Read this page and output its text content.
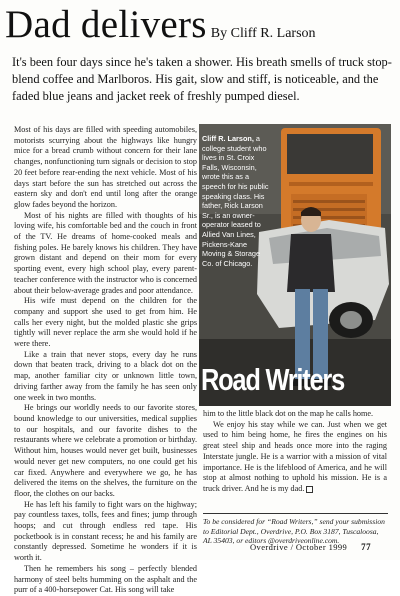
Dad delivers By Cliff R. Larson

It's been four days since he's taken a shower. His breath smells of truck stop-blend coffee and Marlboros. His gait, slow and stiff, is noticeable, and the faded blue jeans and jacket reek of freshly pumped diesel.

Most of his days are filled with speeding automobiles, motorists scurrying about the highways like hungry mice for a bread crumb without concern for their lane changes, nonfunctioning turn signals or decision to stop 20 feet before rear-ending the next vehicle. Most of his days start before the sun has stretched out across the eastern sky and don't end until long after the orange glow fades beyond the horizon.

Most of his nights are filled with thoughts of his loving wife, his comfortable bed and the couch in front of the TV. He dreams of home-cooked meals and fishing poles. He barely knows his children. They have grown distant and depend on their mom for every sporting event, every high school play, every parent-teacher conference with the instructor who is concerned about their below-average grades and poor attendance.

His wife must depend on the children for the company and support she used to get from him. He calls her every night, but the molded plastic she grips tightly will never replace the arm she would hold if he were there.

Like a train that never stops, every day he runs down that beaten track, driving to a black dot on the map, another familiar city or unknown little town, driving farther away from the family he has seen only one week in two months.

He brings our worldly needs to our favorite stores, bound knowledge to our universities, medical supplies to our hospitals, and our favorite dishes to the restaurants where we celebrate a promotion or birthday. Without him, houses would never get built, businesses would never get new computers, no one could get his car fixed. Anywhere and everywhere we go, he has delivered the items on the shelves, the furniture on the floor, the clothes on our backs.

He has left his family to fight wars on the highway; pay countless taxes, tolls, fees and fines; jump through hoops; and cut through endless red tape. His pocketbook is in constant recess; he and his family are constantly depressed. Sometime he wonders if it is worth it.

Then he remembers his song – perfectly blended harmony of steel belts humming on the asphalt and the purr of a 400-horsepower Cat. His song will take

Cliff R. Larson, a college student who lives in St. Croix Falls, Wisconsin, wrote this as a speech for his public speaking class. His father, Rick Larson Sr., is an owner-operator leased to Allied Van Lines, Pickens-Kane Moving & Storage Co. of Chicago.
Road Writers

him to the little black dot on the map he calls home.

We enjoy his stay while we can. Just when we get used to him being home, he fires the engines on his great steel ship and heads once more into the raging Interstate jungle. He is a warrior with a mission of vital importance. He is the lifeblood of America, and he will stop at almost nothing to uphold his mission. He is a truck driver. And he is my dad.

To be considered for “Road Writers,” send your submission to Editorial Dept., Overdrive, P.O. Box 3187, Tuscaloosa, AL 35403, or editors @overdriveonline.com.

Overdrive / October 1999 77
